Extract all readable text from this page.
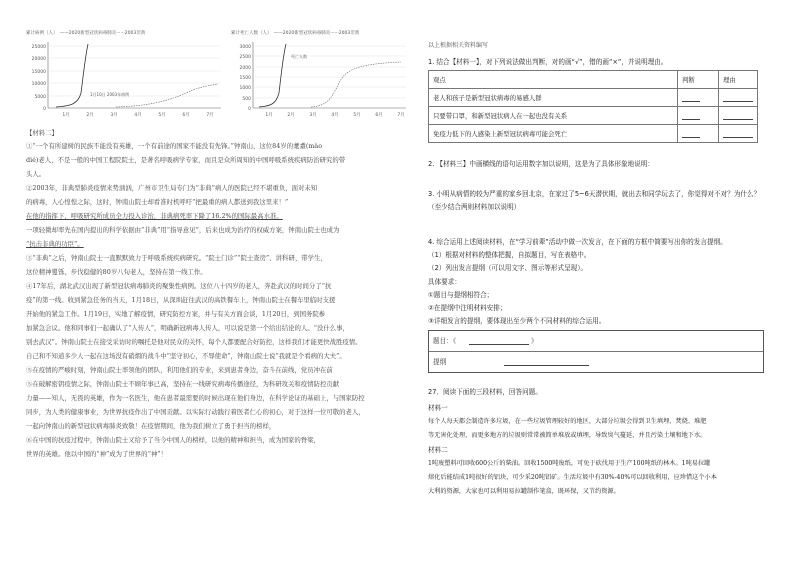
累计病例（人）　——2020新型冠状病毒肺炎······2003非典
25000
20000
15000
10000
5000
0
1月	2月	3月	4月	5月	6月	7月
1月10日 2003年病例
累计死亡人数（人）　——2020新型冠状病毒肺炎······2003非典
3000
2500
2000
1500
1000
500
0
1月	2月	3月	4月	5月	6月	7月
死亡人数
【材料二】
①“一个有所建树的民族不能没有英雄，一个有前途的国家不能没有先锋。”钟南山，这位84岁的耄耋(mào
dié)老人，不是一般的中国工程院院士，是著名呼吸病学专家，而且是众所周知的中国呼吸系统疾病防治研究的带
头人。
②2003年，非典型肺炎疫情来势汹汹，广州市卫生局专门为“非典”病人的医院已经不堪重负，面对未知
的病毒，人心惶惶之际，这时，钟南山院士却看准时机呼吁“把最重的病人都送到我这里来！”
在他的指挥下，呼吸研究所成员全力投入诊治，非典病死率下降了16.2%的国际最高水准。
一项轻微却率先在国内提出的科学依据由“非典”用“指导意见”，后来也成为治疗的权威方案，钟南山院士也成为
“抗击非典的功臣”。
③“非典”之后，钟南山院士一直默默致力于呼吸系统疾病研究。“院士门诊”“院士查房”、讲科研、带学生，
这位精神矍铄、步伐稳健的80岁八旬老人，坚持在第一线工作。
④17年后，湖北武汉出现了新型冠状病毒肺炎的聚集性病例。这位八十四岁的老人，奔赴武汉的时间分了“抗
疫”的第一线。收到紧急任务的当天，1月18日，从深圳赶往武汉的高铁餐车上，钟南山院士在餐车里临时支援
开始他的紧急工作。1月19日，实地了解疫情，研究防控方案，并与有关方面会谈，1月20日，到国务院参
加紧急会议。他和同事们一起确认了“人传人”，明确新冠病毒人传人，可以说是第一个给出结论的人。“没什么事，
别去武汉”。钟南山院士在接受采访时的嘱托是他对民众的关怀，每个人都要配合好防控，这样我们才能更快战胜疫情。
自己和不知道多少人一起在这场没有硝烟的战斗中“坚守初心，不辱使命”，钟南山院士说“我就是个看病的大夫”。
⑤在疫情的严峻时刻，钟南山院士率领他的团队，利用他们的专业，来到患者身边，奋斗在前线，党员冲在前
⑤在破解密钥疫情之际，钟南山院士不顾年事已高，坚持在一线研究病毒传播途径，为科研攻关和疫情防控贡献
力量——知人，无畏的英雄，作为一名医生，他在患者最需要的时候出现在他们身边，在科学论证的基础上，与国家防控
同步，为人类的健康事业，为世界抗疫作出了中国贡献。以实际行动践行着医者仁心的初心，对于这样一位可敬的老人，
一起向钟南山的新型冠状病毒肺炎致敬！在疫情期间，他为我们树立了勇于担当的榜样，
⑥在中国的抗疫过程中，钟南山院士又给予了当今中国人的榜样，以他的精神和担当，成为国家的脊梁，
世界的英雄。他以中国的“神”成为了世界的“神”！
以上根据相关资料编写
1. 结合【材料一】，对下列说法做出判断，对的画“√”，错的画“×”，并说明理由。
观点	判断	理由
老人和孩子是新型冠状病毒的易感人群		
只要带口罩，和新型冠状病人在一起也没有关系		
免疫力低下的人感染上新型冠状病毒可能会死亡		
2. 【材料三】中画横线的语句运用数字加以说明，这是为了具体形象地说明：
3. 小明从病情的较为严重的家乡回北京，在家过了5~6天潜伏期，就出去和同学玩去了，你觉得对不对？为什么？
（至少结合两则材料加以说明）
4. 综合运用上述阅读材料，在“学习前辈”活动中做一次发言，在下面的方框中简要写出你的发言提纲。
（1）根据对材料的整体把握，自拟题目，写在表格中。
（2）列出发言提纲（可以用文字、图示等形式呈现）。
具体要求：
①题目与提纲相符合；
②在提纲中注明材料安排；
③详细发言的提纲，要体现出至少两个不同材料的综合运用。
题目：《	》
提纲
27．阅读下面的三段材料，回答问题。
材料一
每个人每天都会制造许多垃圾，在一些垃圾管理较好的地区，大部分垃圾会得到卫生填埋、焚烧、堆肥
等无害化处理，而更多地方的垃圾则常常被简单堆放或填埋，导致臭气蔓延，并且污染土壤和地下水。
材料二
1吨废塑料可回收600公斤的柴油。回收1500吨废纸，可免于砍伐用于生产100吨纸的林木。1吨易拉罐
熔化后能结成1吨很好的铝块，可少采20吨铝矿。生活垃圾中有30%-40%可以回收利用，应珍惜这个小本
大利的资源，大家也可以利用易拉罐制作笔盒，既环保，又节约资源。
